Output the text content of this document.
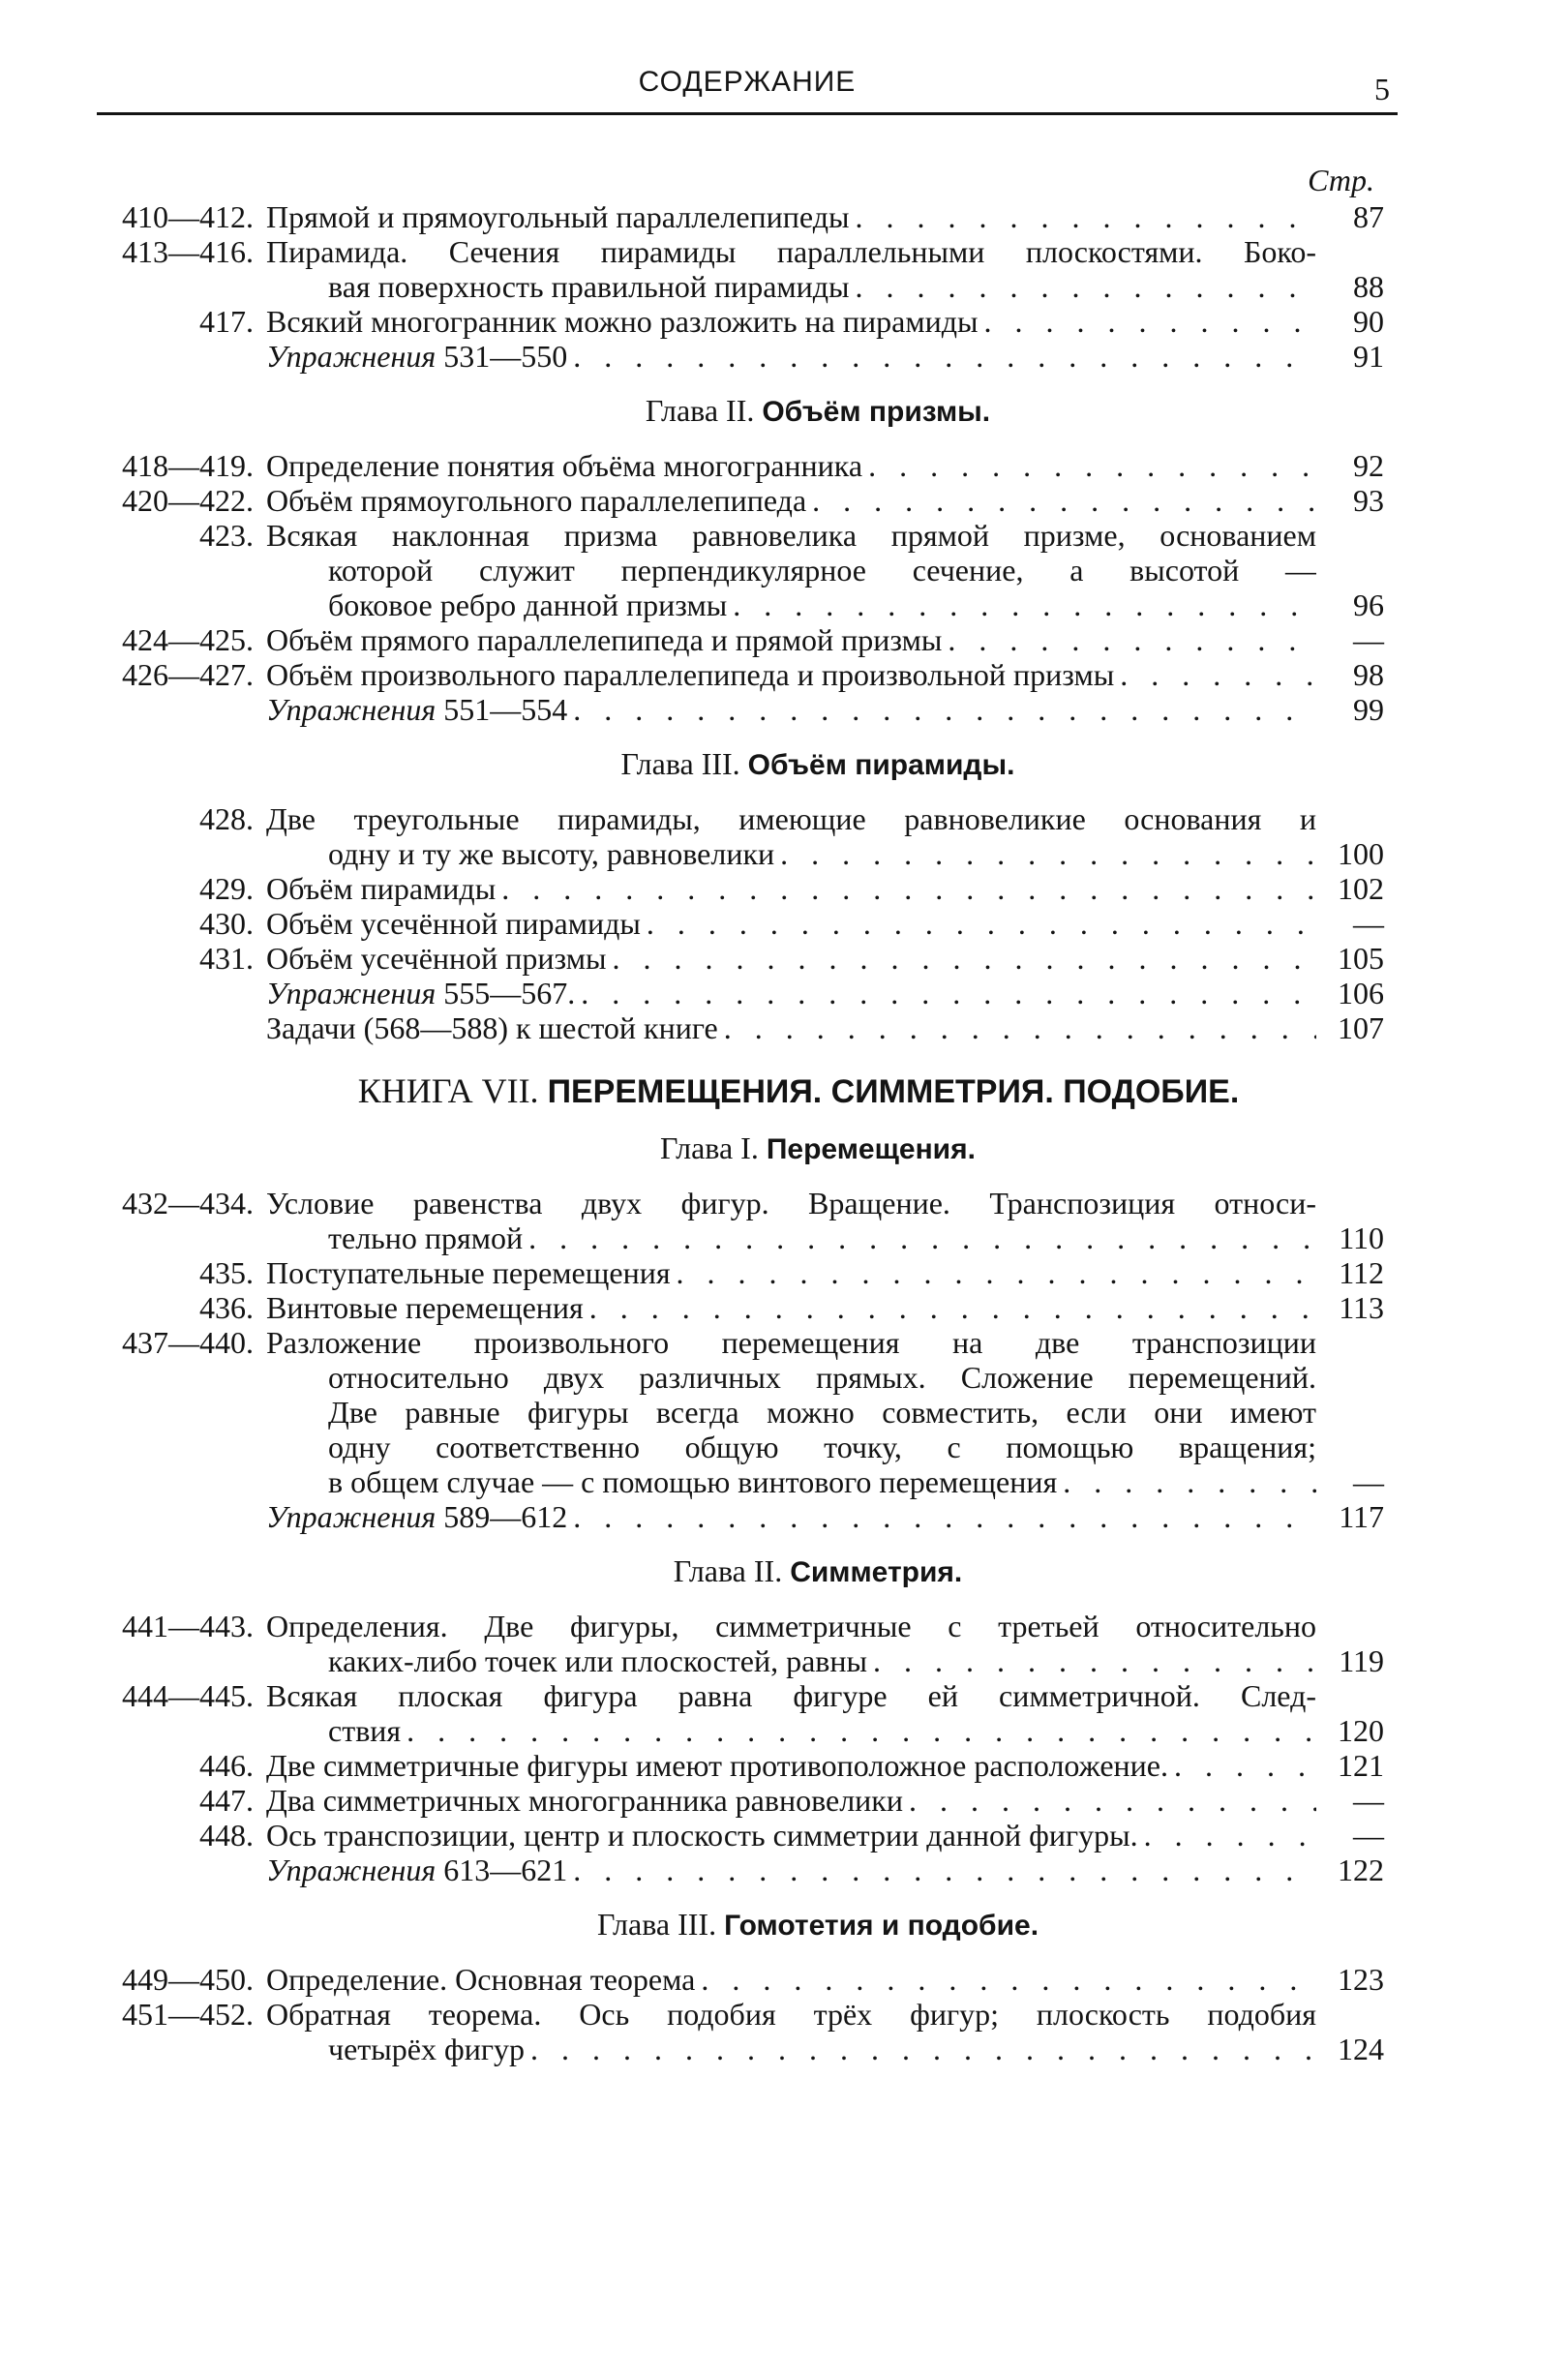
СОДЕРЖАНИЕ	5
Стр.
410—412. Прямой и прямоугольный параллелепипеды . . .	87
413—416. Пирамида. Сечения пирамиды параллельными плоскостями. Боко-
вая поверхность правильной пирамиды . . .	88
417. Всякий многогранник можно разложить на пирамиды . . .	90
Упражнения 531—550 . . .	91
Глава II. Объём призмы.
418—419. Определение понятия объёма многогранника . . .	92
420—422. Объём прямоугольного параллелепипеда . . .	93
423. Всякая наклонная призма равновелика прямой призме, основанием
которой служит перпендикулярное сечение, а высотой —
боковое ребро данной призмы . . .	96
424—425. Объём прямого параллелепипеда и прямой призмы . . .	—
426—427. Объём произвольного параллелепипеда и произвольной призмы . . .	98
Упражнения 551—554 . . .	99
Глава III. Объём пирамиды.
428. Две треугольные пирамиды, имеющие равновеликие основания и
одну и ту же высоту, равновелики . . .	100
429. Объём пирамиды . . .	102
430. Объём усечённой пирамиды . . .	—
431. Объём усечённой призмы . . .	105
Упражнения 555—567. . . .	106
Задачи (568—588) к шестой книге . . .	107
КНИГА VII. ПЕРЕМЕЩЕНИЯ. СИММЕТРИЯ. ПОДОБИЕ.
Глава I. Перемещения.
432—434. Условие равенства двух фигур. Вращение. Транспозиция относи-
тельно прямой . . .	110
435. Поступательные перемещения . . .	112
436. Винтовые перемещения . . .	113
437—440. Разложение произвольного перемещения на две транспозиции
относительно двух различных прямых. Сложение перемещений.
Две равные фигуры всегда можно совместить, если они имеют
одну соответственно общую точку, с помощью вращения;
в общем случае — с помощью винтового перемещения . . .	—
Упражнения 589—612 . . .	117
Глава II. Симметрия.
441—443. Определения. Две фигуры, симметричные с третьей относительно
каких-либо точек или плоскостей, равны . . .	119
444—445. Всякая плоская фигура равна фигуре ей симметричной. След-
ствия . . .	120
446. Две симметричные фигуры имеют противоположное расположение. . . .	121
447. Два симметричных многогранника равновелики . . .	—
448. Ось транспозиции, центр и плоскость симметрии данной фигуры. . . .	—
Упражнения 613—621 . . .	122
Глава III. Гомотетия и подобие.
449—450. Определение. Основная теорема . . .	123
451—452. Обратная теорема. Ось подобия трёх фигур; плоскость подобия
четырёх фигур . . .	124
